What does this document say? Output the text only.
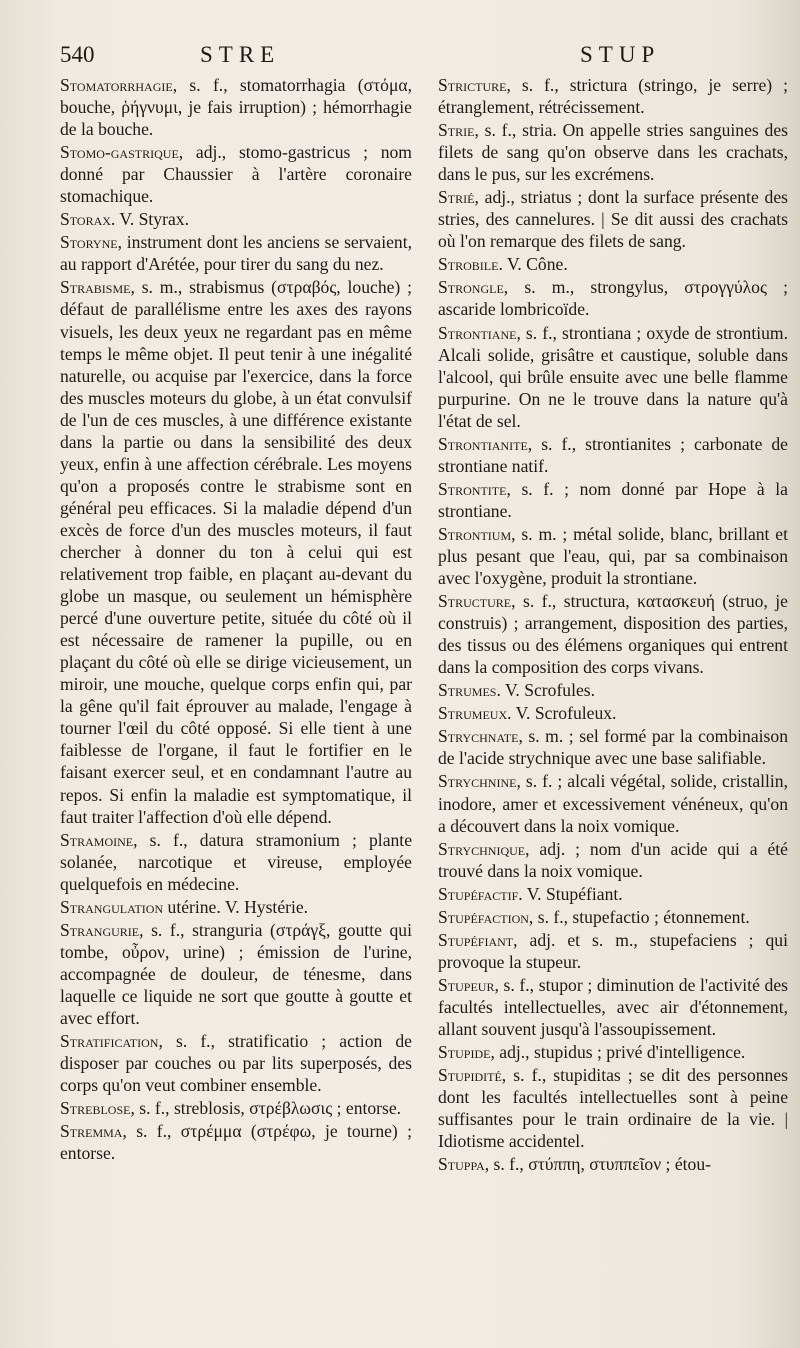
540	STRE	STUP

Stomatorrhagie, s. f., stomatorrhagia (στόμα, bouche, ῥήγνυμι, je fais irruption) ; hémorrhagie de la bouche.

Stomo-gastrique, adj., stomo-gastricus ; nom donné par Chaussier à l'artère coronaire stomachique.

Storax. V. Styrax.

Storyne, instrument dont les anciens se servaient, au rapport d'Arétée, pour tirer du sang du nez.

Strabisme, s. m., strabismus (στραβός, louche) ; défaut de parallélisme entre les axes des rayons visuels, les deux yeux ne regardant pas en même temps le même objet. Il peut tenir à une inégalité naturelle, ou acquise par l'exercice, dans la force des muscles moteurs du globe, à un état convulsif de l'un de ces muscles, à une différence existante dans la partie ou dans la sensibilité des deux yeux, enfin à une affection cérébrale. Les moyens qu'on a proposés contre le strabisme sont en général peu efficaces. Si la maladie dépend d'un excès de force d'un des muscles moteurs, il faut chercher à donner du ton à celui qui est relativement trop faible, en plaçant au-devant du globe un masque, ou seulement un hémisphère percé d'une ouverture petite, située du côté où il est nécessaire de ramener la pupille, ou en plaçant du côté où elle se dirige vicieusement, un miroir, une mouche, quelque corps enfin qui, par la gêne qu'il fait éprouver au malade, l'engage à tourner l'œil du côté opposé. Si elle tient à une faiblesse de l'organe, il faut le fortifier en le faisant exercer seul, et en condamnant l'autre au repos. Si enfin la maladie est symptomatique, il faut traiter l'affection d'où elle dépend.

Stramoine, s. f., datura stramonium ; plante solanée, narcotique et vireuse, employée quelquefois en médecine.

Strangulation utérine. V. Hystérie.

Strangurie, s. f., stranguria (στράγξ, goutte qui tombe, οὖρον, urine) ; émission de l'urine, accompagnée de douleur, de ténesme, dans laquelle ce liquide ne sort que goutte à goutte et avec effort.

Stratification, s. f., stratificatio ; action de disposer par couches ou par lits superposés, des corps qu'on veut combiner ensemble.

Streblose, s. f., streblosis, στρέβλωσις ; entorse.

Stremma, s. f., στρέμμα (στρέφω, je tourne) ; entorse.

Stricture, s. f., strictura (stringo, je serre) ; étranglement, rétrécissement.

Strie, s. f., stria. On appelle stries sanguines des filets de sang qu'on observe dans les crachats, dans le pus, sur les excrémens.

Strié, adj., striatus ; dont la surface présente des stries, des cannelures. | Se dit aussi des crachats où l'on remarque des filets de sang.

Strobile. V. Cône.

Strongle, s. m., strongylus, στρογγύλος ; ascaride lombricoïde.

Strontiane, s. f., strontiana ; oxyde de strontium. Alcali solide, grisâtre et caustique, soluble dans l'alcool, qui brûle ensuite avec une belle flamme purpurine. On ne le trouve dans la nature qu'à l'état de sel.

Strontianite, s. f., strontianites ; carbonate de strontiane natif.

Strontite, s. f. ; nom donné par Hope à la strontiane.

Strontium, s. m. ; métal solide, blanc, brillant et plus pesant que l'eau, qui, par sa combinaison avec l'oxygène, produit la strontiane.

Structure, s. f., structura, κατασκευή (struo, je construis) ; arrangement, disposition des parties, des tissus ou des élémens organiques qui entrent dans la composition des corps vivans.

Strumes. V. Scrofules.

Strumeux. V. Scrofuleux.

Strychnate, s. m. ; sel formé par la combinaison de l'acide strychnique avec une base salifiable.

Strychnine, s. f. ; alcali végétal, solide, cristallin, inodore, amer et excessivement vénéneux, qu'on a découvert dans la noix vomique.

Strychnique, adj. ; nom d'un acide qui a été trouvé dans la noix vomique.

Stupéfactif. V. Stupéfiant.

Stupéfaction, s. f., stupefactio ; étonnement.

Stupéfiant, adj. et s. m., stupefaciens ; qui provoque la stupeur.

Stupeur, s. f., stupor ; diminution de l'activité des facultés intellectuelles, avec air d'étonnement, allant souvent jusqu'à l'assoupissement.

Stupide, adj., stupidus ; privé d'intelligence.

Stupidité, s. f., stupiditas ; se dit des personnes dont les facultés intellectuelles sont à peine suffisantes pour le train ordinaire de la vie. | Idiotisme accidentel.

Stuppa, s. f., στύππη, στυππεῖον ; étou-
